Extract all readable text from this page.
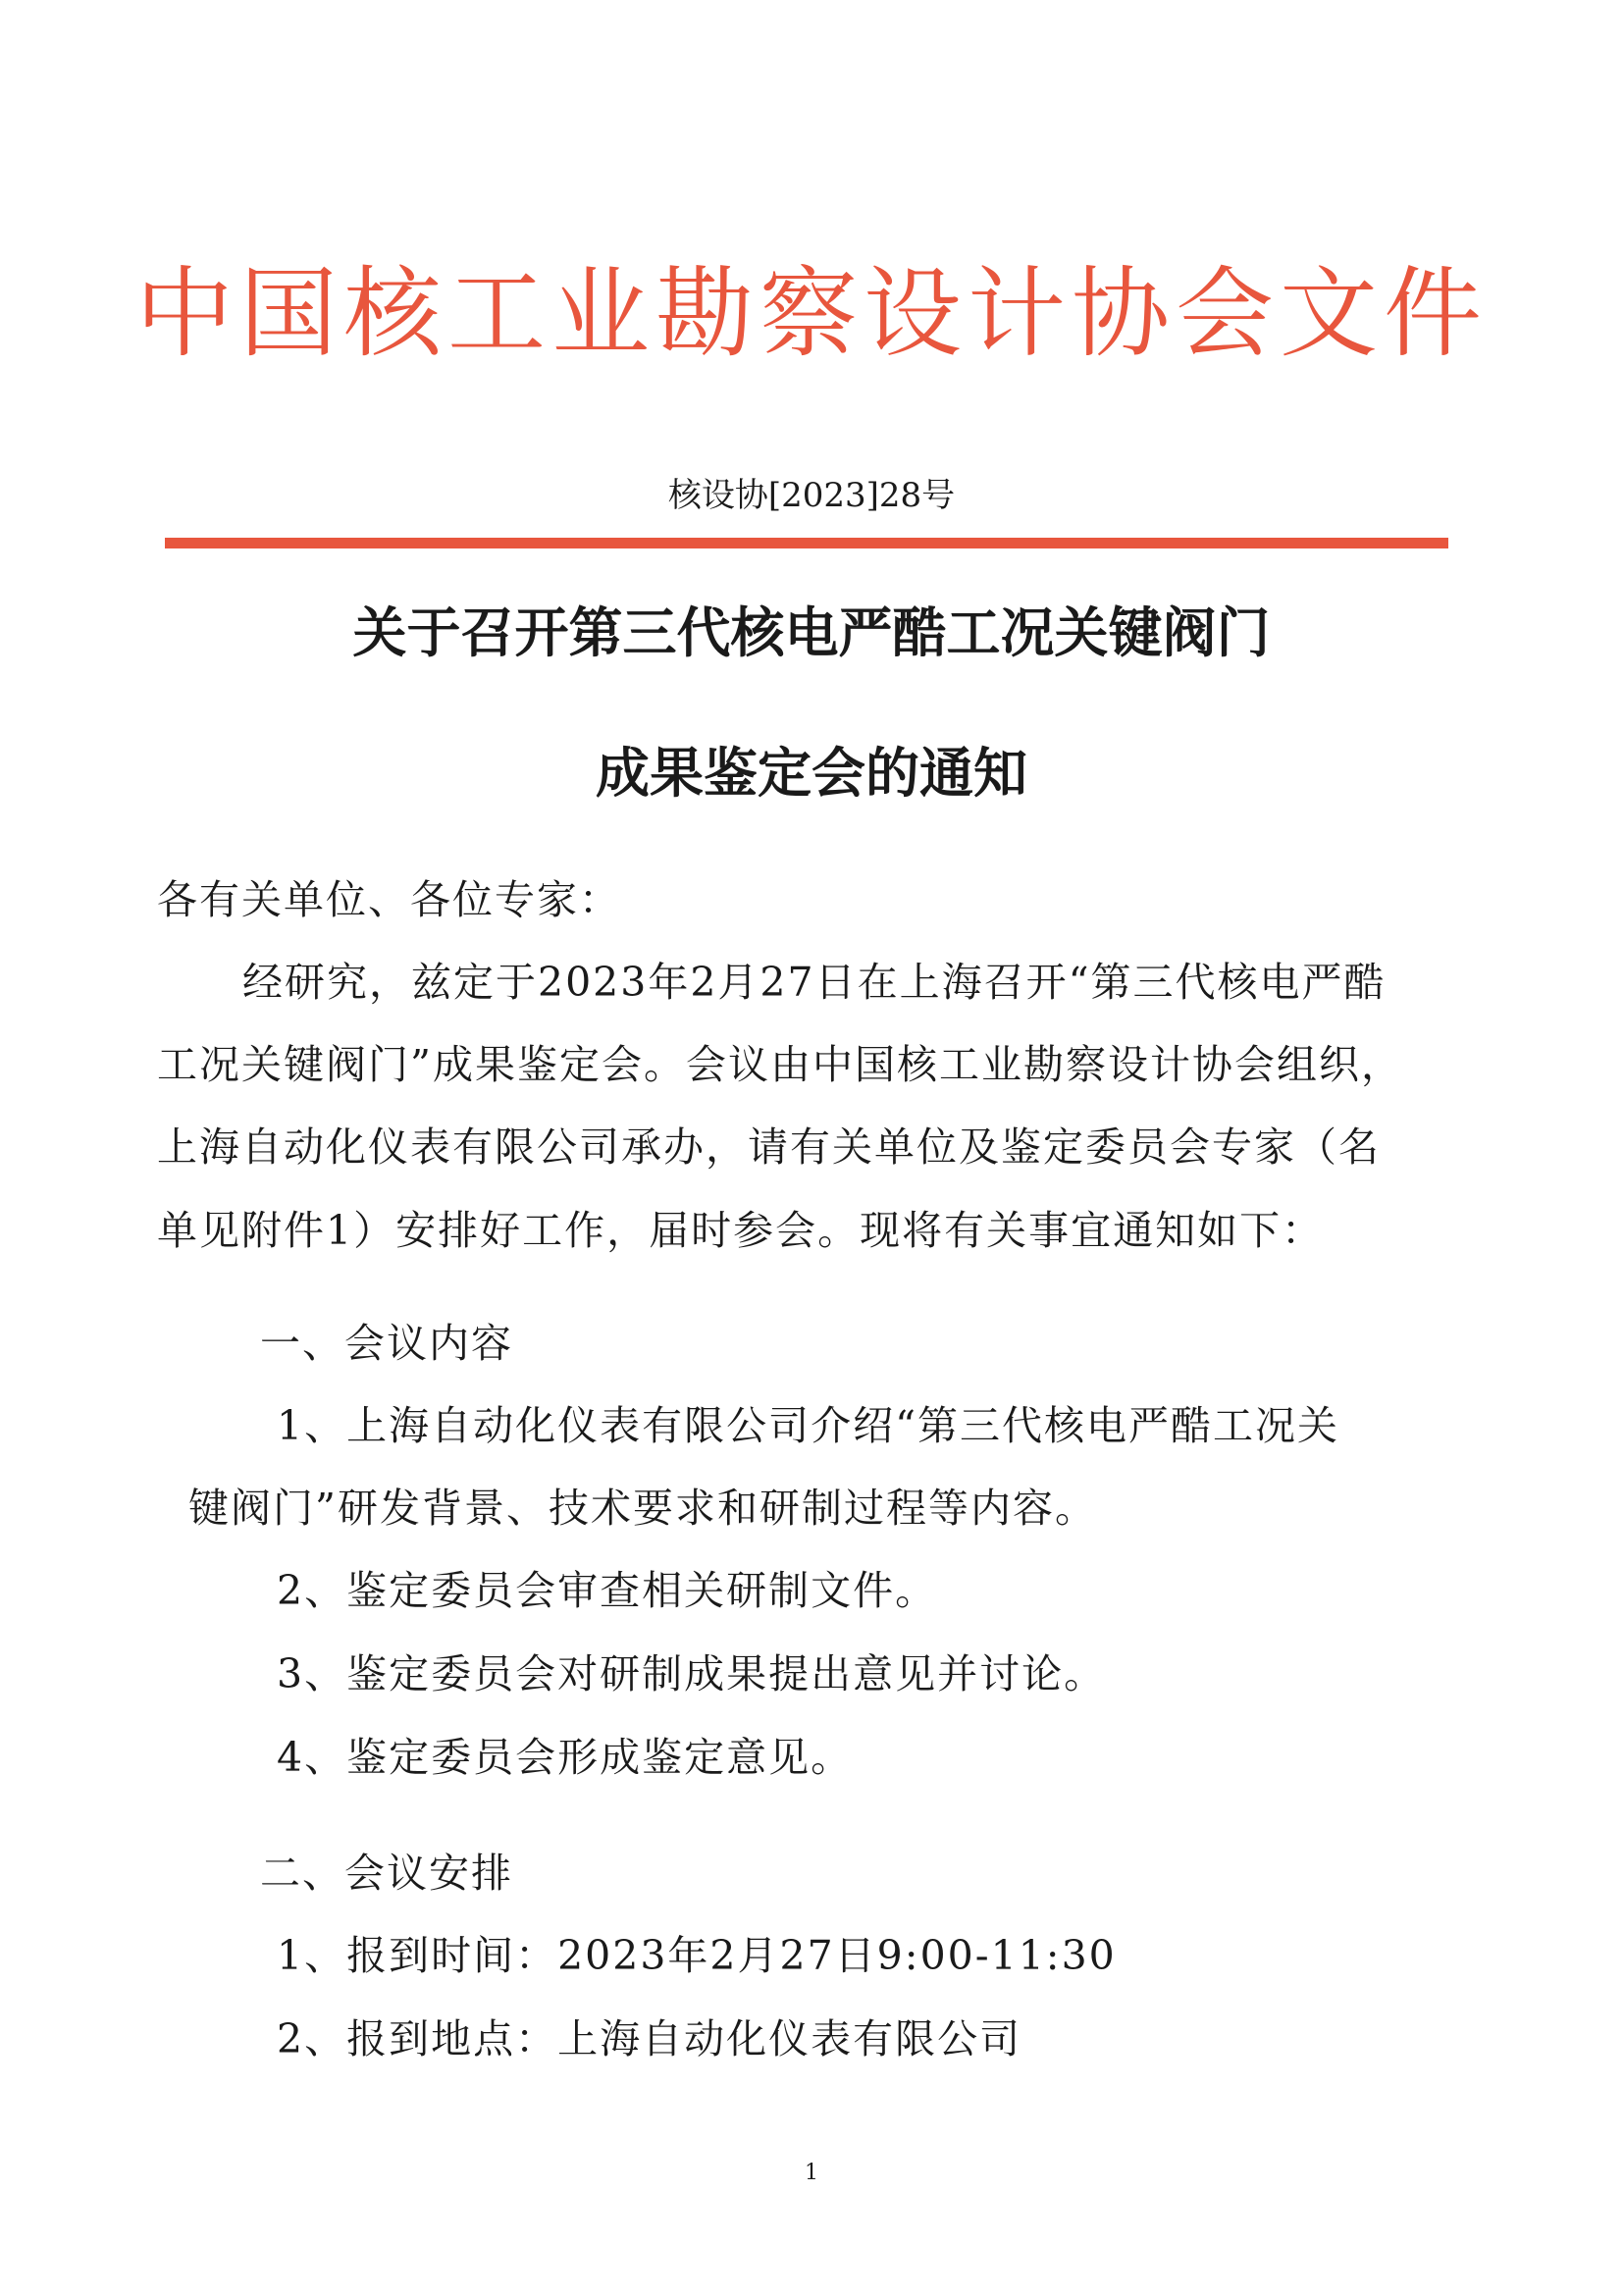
中国核工业勘察设计协会文件
核设协[2023]28号
关于召开第三代核电严酷工况关键阀门
成果鉴定会的通知
各有关单位、各位专家：
经研究，兹定于2023年2月27日在上海召开“第三代核电严酷
工况关键阀门”成果鉴定会。会议由中国核工业勘察设计协会组织，
上海自动化仪表有限公司承办，请有关单位及鉴定委员会专家（名
单见附件1）安排好工作，届时参会。现将有关事宜通知如下：
一、会议内容
1、上海自动化仪表有限公司介绍“第三代核电严酷工况关
键阀门”研发背景、技术要求和研制过程等内容。
2、鉴定委员会审查相关研制文件。
3、鉴定委员会对研制成果提出意见并讨论。
4、鉴定委员会形成鉴定意见。
二、会议安排
1、报到时间：2023年2月27日9:00-11:30
2、报到地点：上海自动化仪表有限公司
1
